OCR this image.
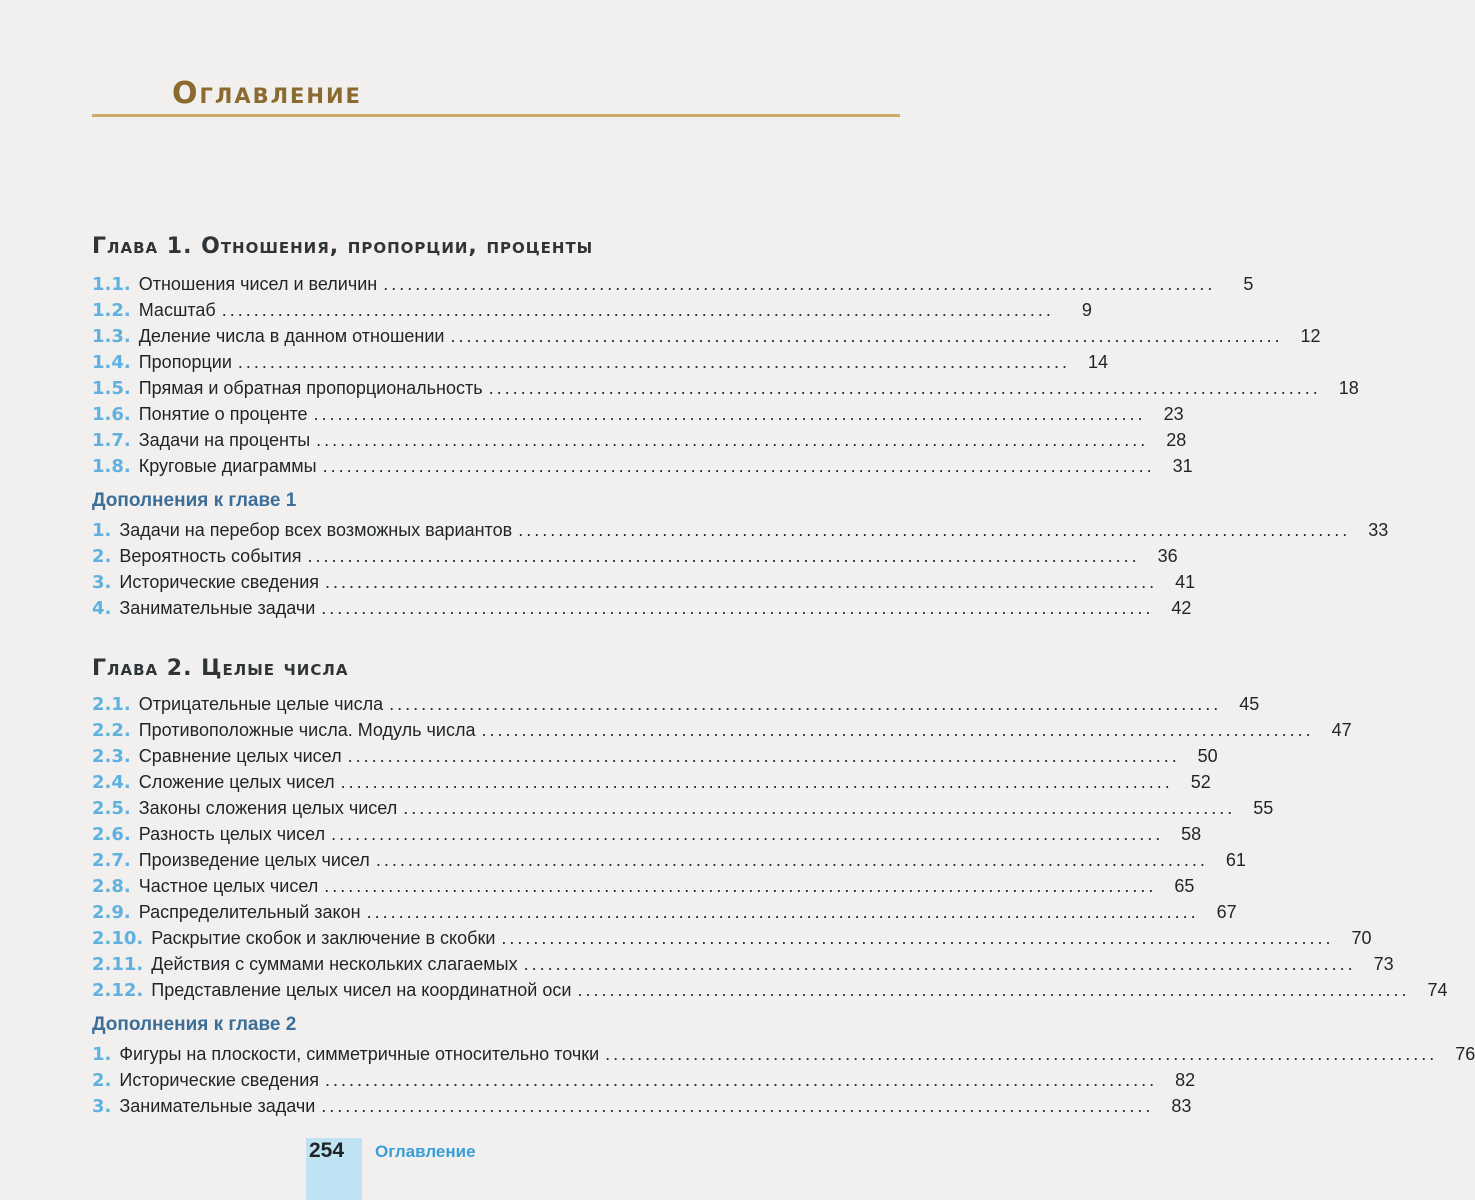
Оглавление
Глава 1. Отношения, пропорции, проценты
1.1. Отношения чисел и величин ........................................................................................................	5
1.2. Масштаб ........................................................................................................	9
1.3. Деление числа в данном отношении ........................................................................................................ 12
1.4. Пропорции ........................................................................................................ 14
1.5. Прямая и обратная пропорциональность ........................................................................................................ 18
1.6. Понятие о проценте ........................................................................................................ 23
1.7. Задачи на проценты ........................................................................................................ 28
1.8. Круговые диаграммы ........................................................................................................ 31
Дополнения к главе 1
1. Задачи на перебор всех возможных вариантов ........................................................................................................ 33
2. Вероятность события ........................................................................................................ 36
3. Исторические сведения ........................................................................................................ 41
4. Занимательные задачи ........................................................................................................ 42
Глава 2. Целые числа
2.1. Отрицательные целые числа ........................................................................................................ 45
2.2. Противоположные числа. Модуль числа ........................................................................................................ 47
2.3. Сравнение целых чисел ........................................................................................................ 50
2.4. Сложение целых чисел ........................................................................................................ 52
2.5. Законы сложения целых чисел ........................................................................................................ 55
2.6. Разность целых чисел ........................................................................................................ 58
2.7. Произведение целых чисел ........................................................................................................ 61
2.8. Частное целых чисел ........................................................................................................ 65
2.9. Распределительный закон ........................................................................................................ 67
2.10. Раскрытие скобок и заключение в скобки ........................................................................................................ 70
2.11. Действия с суммами нескольких слагаемых ........................................................................................................ 73
2.12. Представление целых чисел на координатной оси ........................................................................................................ 74
Дополнения к главе 2
1. Фигуры на плоскости, симметричные относительно точки ........................................................................................................ 76
2. Исторические сведения ........................................................................................................ 82
3. Занимательные задачи ........................................................................................................ 83
254 Оглавление
